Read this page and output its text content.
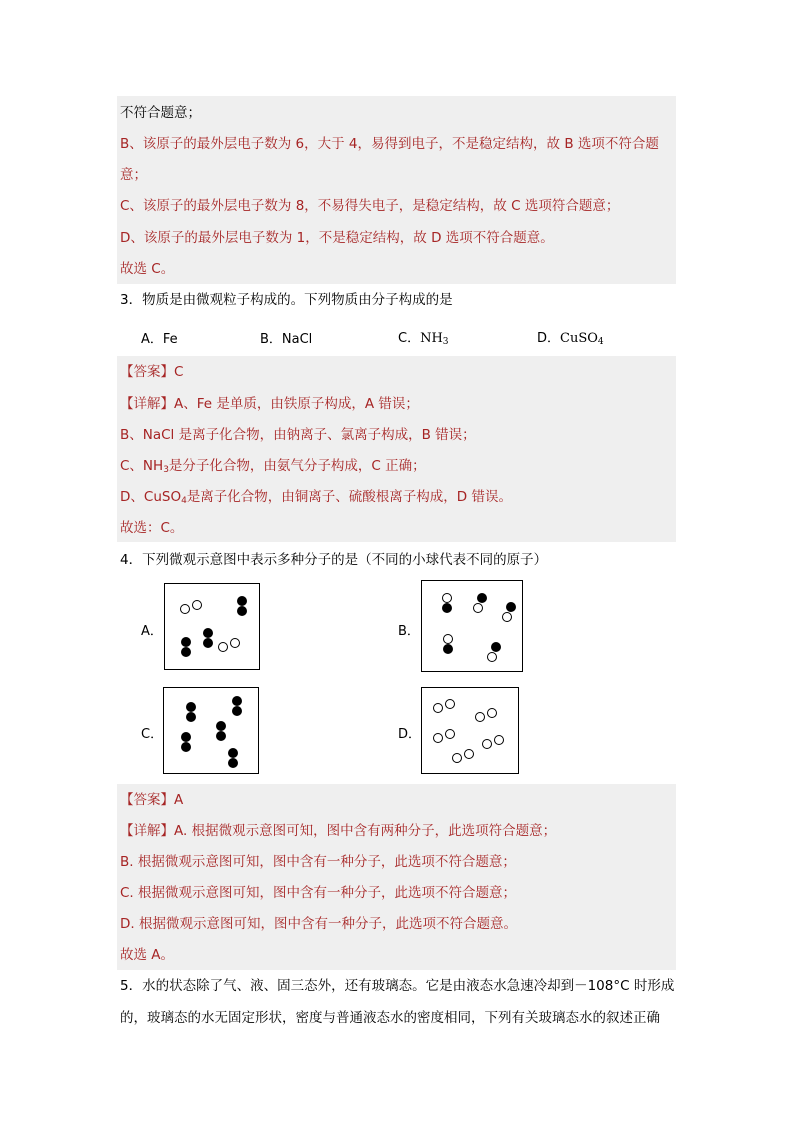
不符合题意；
B、该原子的最外层电子数为 6，大于 4，易得到电子，不是稳定结构，故 B 选项不符合题
意；
C、该原子的最外层电子数为 8，不易得失电子，是稳定结构，故 C 选项符合题意；
D、该原子的最外层电子数为 1，不是稳定结构，故 D 选项不符合题意。
故选 C。
3．物质是由微观粒子构成的。下列物质由分子构成的是
A．Fe	B．NaCl	C．$NH_3$	D．CuSO$_4$
【答案】C
【详解】A、Fe 是单质，由铁原子构成，A 错误；
B、NaCl 是离子化合物，由钠离子、氯离子构成，B 错误；
C、$NH_3$是分子化合物，由氨气分子构成，C 正确；
D、CuSO$_4$是离子化合物，由铜离子、硫酸根离子构成，D 错误。
故选：C。
4．下列微观示意图中表示多种分子的是（不同的小球代表不同的原子）
A．	B．
C．	D．
【答案】A
【详解】A. 根据微观示意图可知，图中含有两种分子，此选项符合题意；
B. 根据微观示意图可知，图中含有一种分子，此选项不符合题意；
C. 根据微观示意图可知，图中含有一种分子，此选项不符合题意；
D. 根据微观示意图可知，图中含有一种分子，此选项不符合题意。
故选 A。
5．水的状态除了气、液、固三态外，还有玻璃态。它是由液态水急速冷却到－108°C 时形成
的，玻璃态的水无固定形状，密度与普通液态水的密度相同，下列有关玻璃态水的叙述正确
